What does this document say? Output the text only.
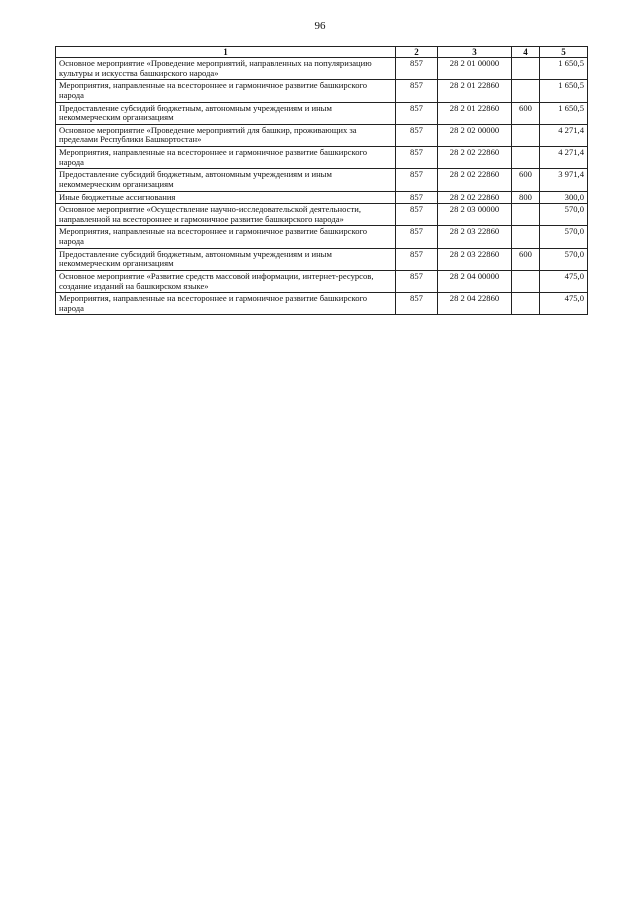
96
1	2	3	4	5
Основное мероприятие «Проведение мероприятий, направленных на популяризацию культуры и искусства башкирского народа»	857	28 2 01 00000		1 650,5
Мероприятия, направленные на всестороннее и гармоничное развитие башкирского народа	857	28 2 01 22860		1 650,5
Предоставление субсидий бюджетным, автономным учреждениям и иным некоммерческим организациям	857	28 2 01 22860	600	1 650,5
Основное мероприятие «Проведение мероприятий для башкир, проживающих за пределами Республики Башкортостан»	857	28 2 02 00000		4 271,4
Мероприятия, направленные на всестороннее и гармоничное развитие башкирского народа	857	28 2 02 22860		4 271,4
Предоставление субсидий бюджетным, автономным учреждениям и иным некоммерческим организациям	857	28 2 02 22860	600	3 971,4
Иные бюджетные ассигнования	857	28 2 02 22860	800	300,0
Основное мероприятие «Осуществление научно-исследовательской деятельности, направленной на всестороннее и гармоничное развитие башкирского народа»	857	28 2 03 00000		570,0
Мероприятия, направленные на всестороннее и гармоничное развитие башкирского народа	857	28 2 03 22860		570,0
Предоставление субсидий бюджетным, автономным учреждениям и иным некоммерческим организациям	857	28 2 03 22860	600	570,0
Основное мероприятие «Развитие средств массовой информации, интернет-ресурсов, создание изданий на башкирском языке»	857	28 2 04 00000		475,0
Мероприятия, направленные на всестороннее и гармоничное развитие башкирского народа	857	28 2 04 22860		475,0
